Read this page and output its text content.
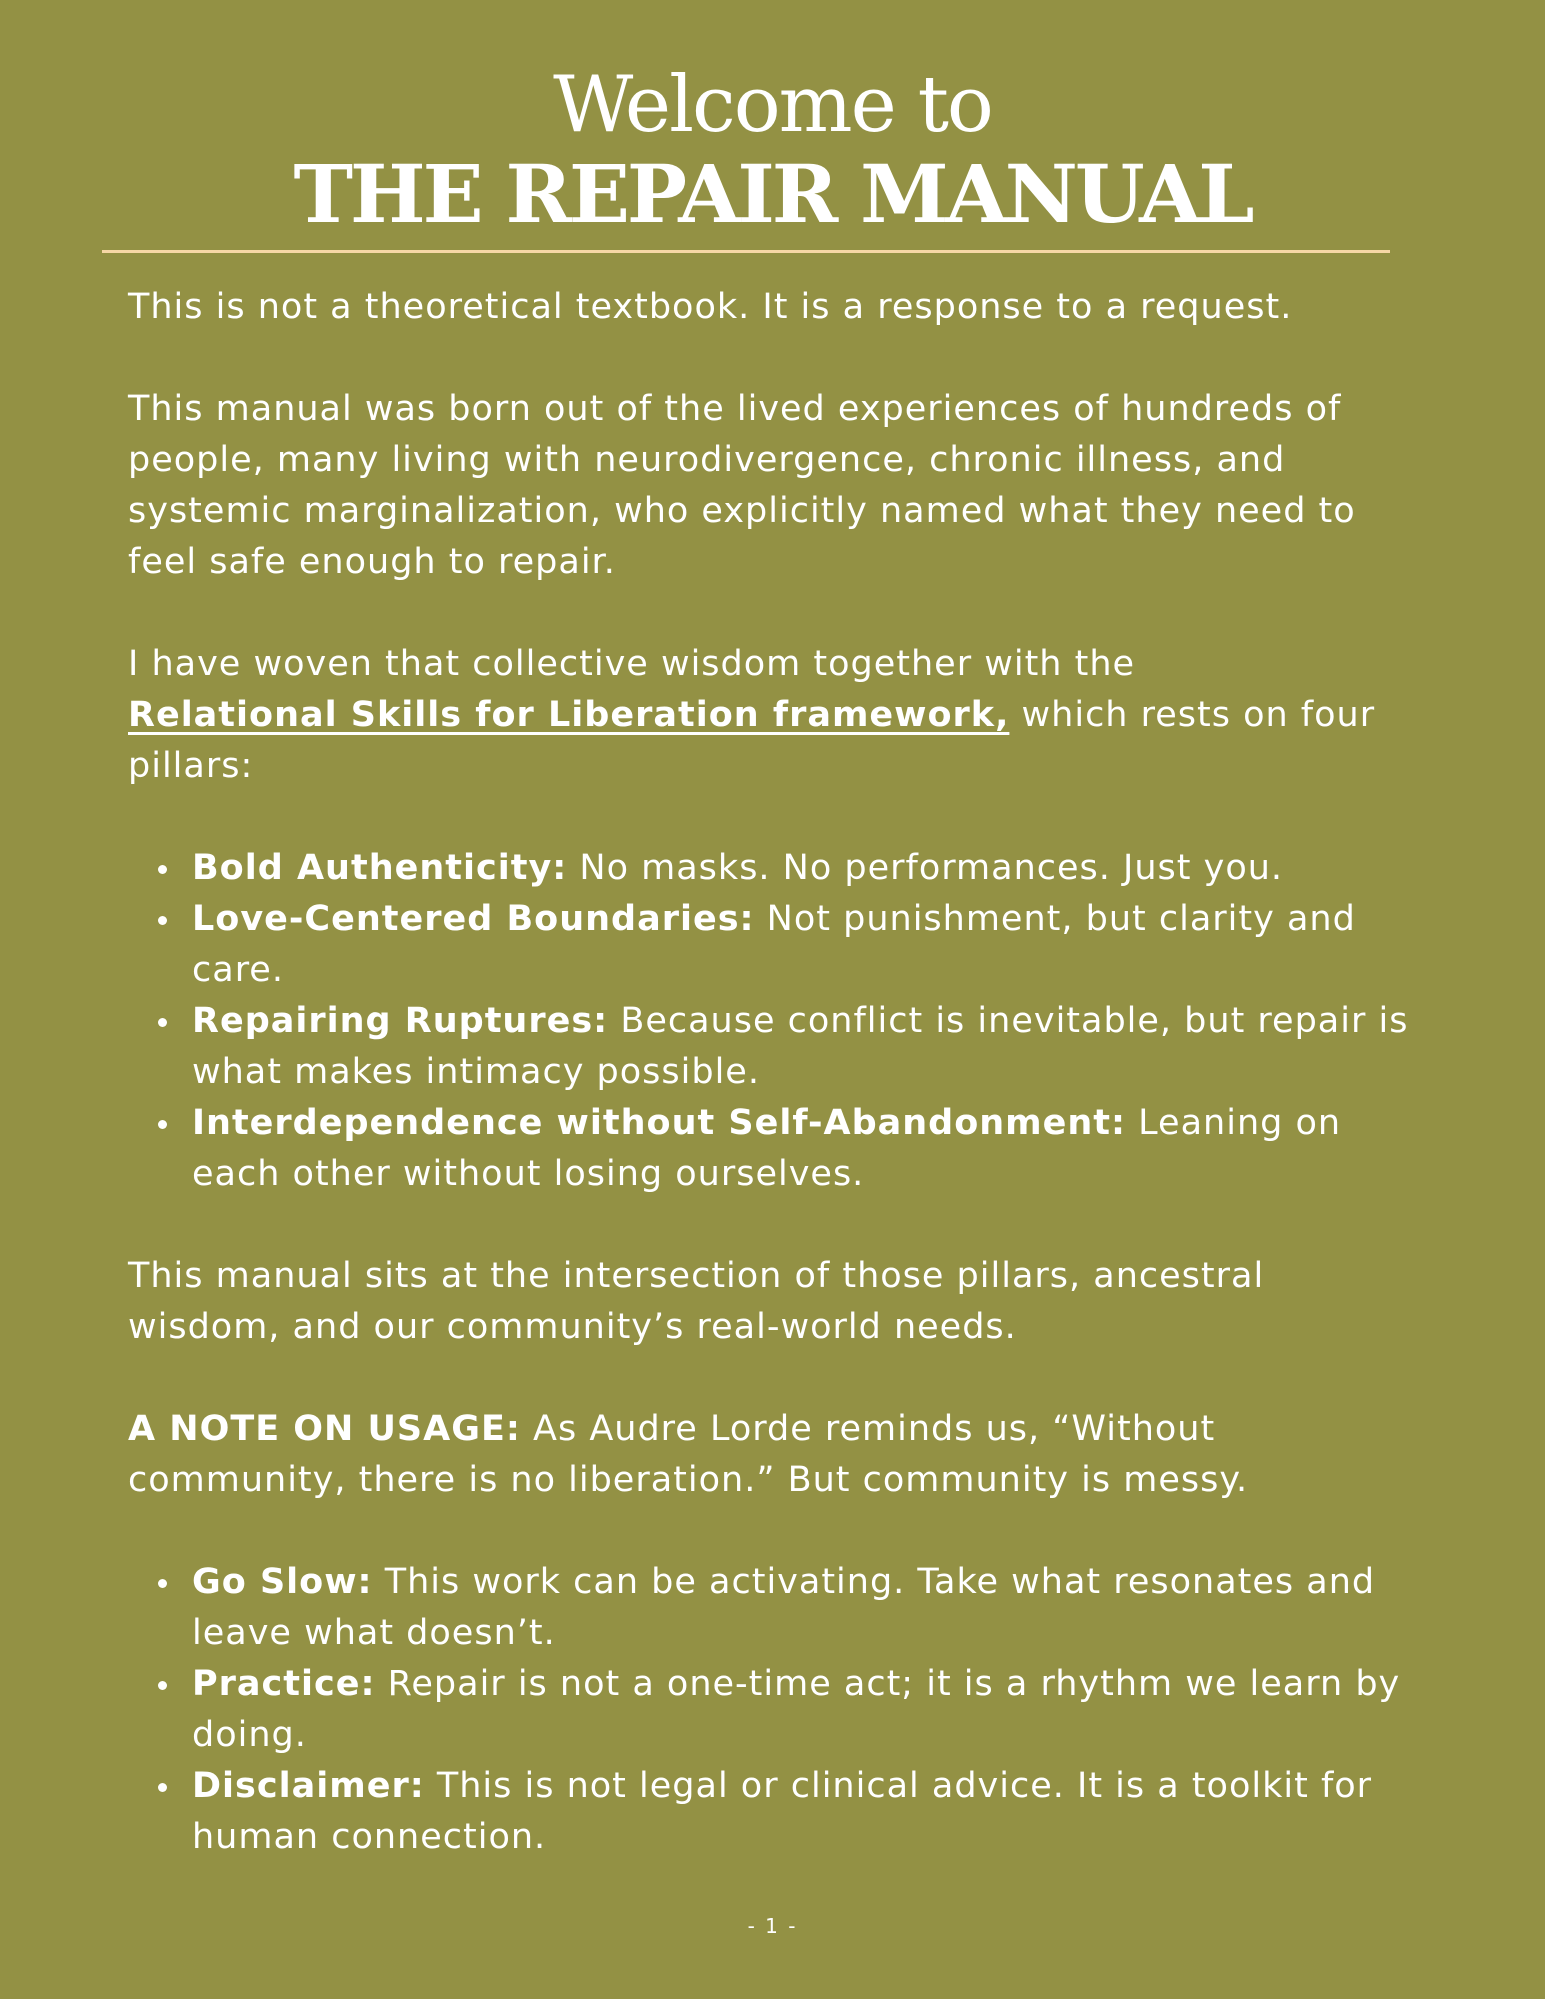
Welcome to
THE REPAIR MANUAL

This is not a theoretical textbook. It is a response to a request.

This manual was born out of the lived experiences of hundreds of people, many living with neurodivergence, chronic illness, and systemic marginalization, who explicitly named what they need to feel safe enough to repair.

I have woven that collective wisdom together with the
Relational Skills for Liberation framework, which rests on four pillars:

Bold Authenticity: No masks. No performances. Just you.
Love-Centered Boundaries: Not punishment, but clarity and care.
Repairing Ruptures: Because conflict is inevitable, but repair is what makes intimacy possible.
Interdependence without Self-Abandonment: Leaning on each other without losing ourselves.

This manual sits at the intersection of those pillars, ancestral wisdom, and our community’s real-world needs.

A NOTE ON USAGE: As Audre Lorde reminds us, “Without community, there is no liberation.” But community is messy.

Go Slow: This work can be activating. Take what resonates and leave what doesn’t.
Practice: Repair is not a one-time act; it is a rhythm we learn by doing.
Disclaimer: This is not legal or clinical advice. It is a toolkit for human connection.
- 1 -
